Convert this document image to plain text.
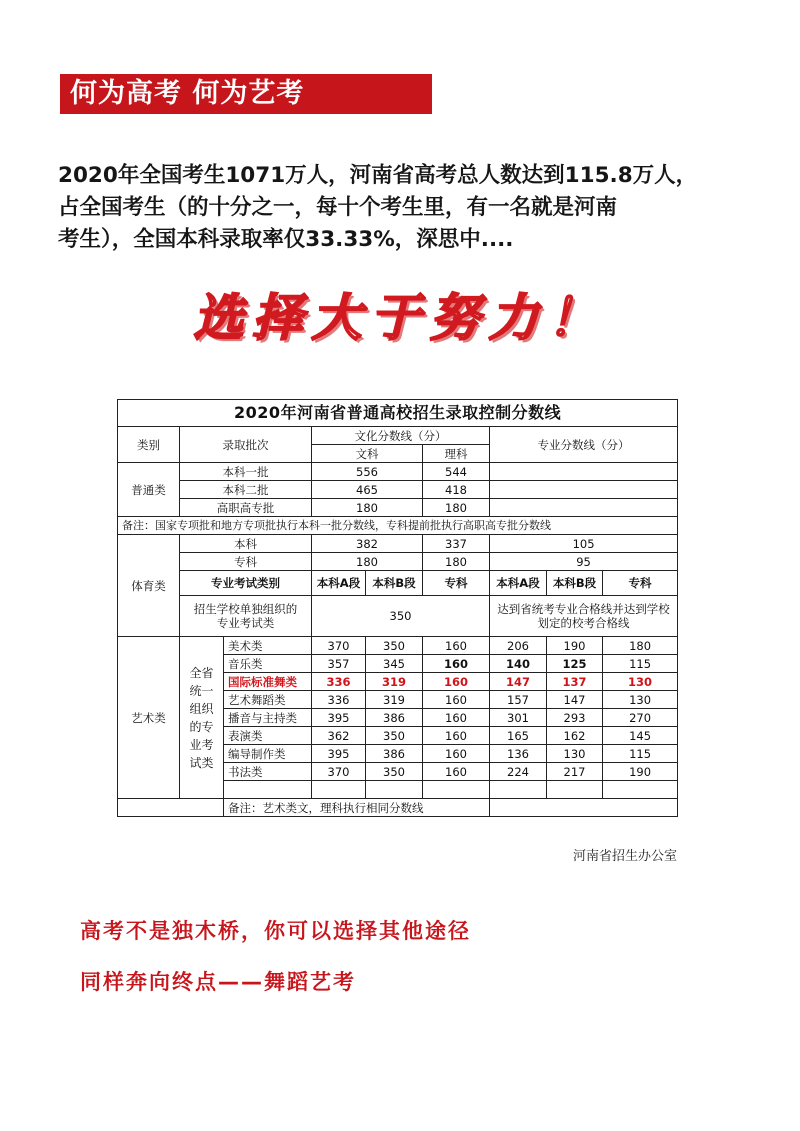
何为高考 何为艺考
2020年全国考生1071万人，河南省高考总人数达到115.8万人，
占全国考生（的十分之一，每十个考生里，有一名就是河南
考生），全国本科录取率仅33.33%，深思中....
选择大于努力！
2020年河南省普通高校招生录取控制分数线								
类别	录取批次		文化分数线（分）			专业分数线（分）		
			文科		理科			
普通类	本科一批		556		544			
	本科二批		465		418			
	高职高专批		180		180			
备注：国家专项批和地方专项批执行本科一批分数线，专科提前批执行高职高专批分数线								
体育类	本科		382		337	105		
	专科		180		180	95		
	专业考试类别		本科A段	本科B段	专科	本科A段	本科B段	专科
	招生学校单独组织的专业考试类		350			达到省统考专业合格线并达到学校划定的校考合格线		
艺术类	全省统一组织的专业考试类	美术类	370	350	160	206	190	180
		音乐类	357	345	160	140	125	115
		国际标准舞类	336	319	160	147	137	130
		艺术舞蹈类	336	319	160	157	147	130
		播音与主持类	395	386	160	301	293	270
		表演类	362	350	160	165	162	145
		编导制作类	395	386	160	136	130	115
		书法类	370	350	160	224	217	190

		备注：艺术类文，理科执行相同分数线						
河南省招生办公室
高考不是独木桥，你可以选择其他途径
同样奔向终点——舞蹈艺考
